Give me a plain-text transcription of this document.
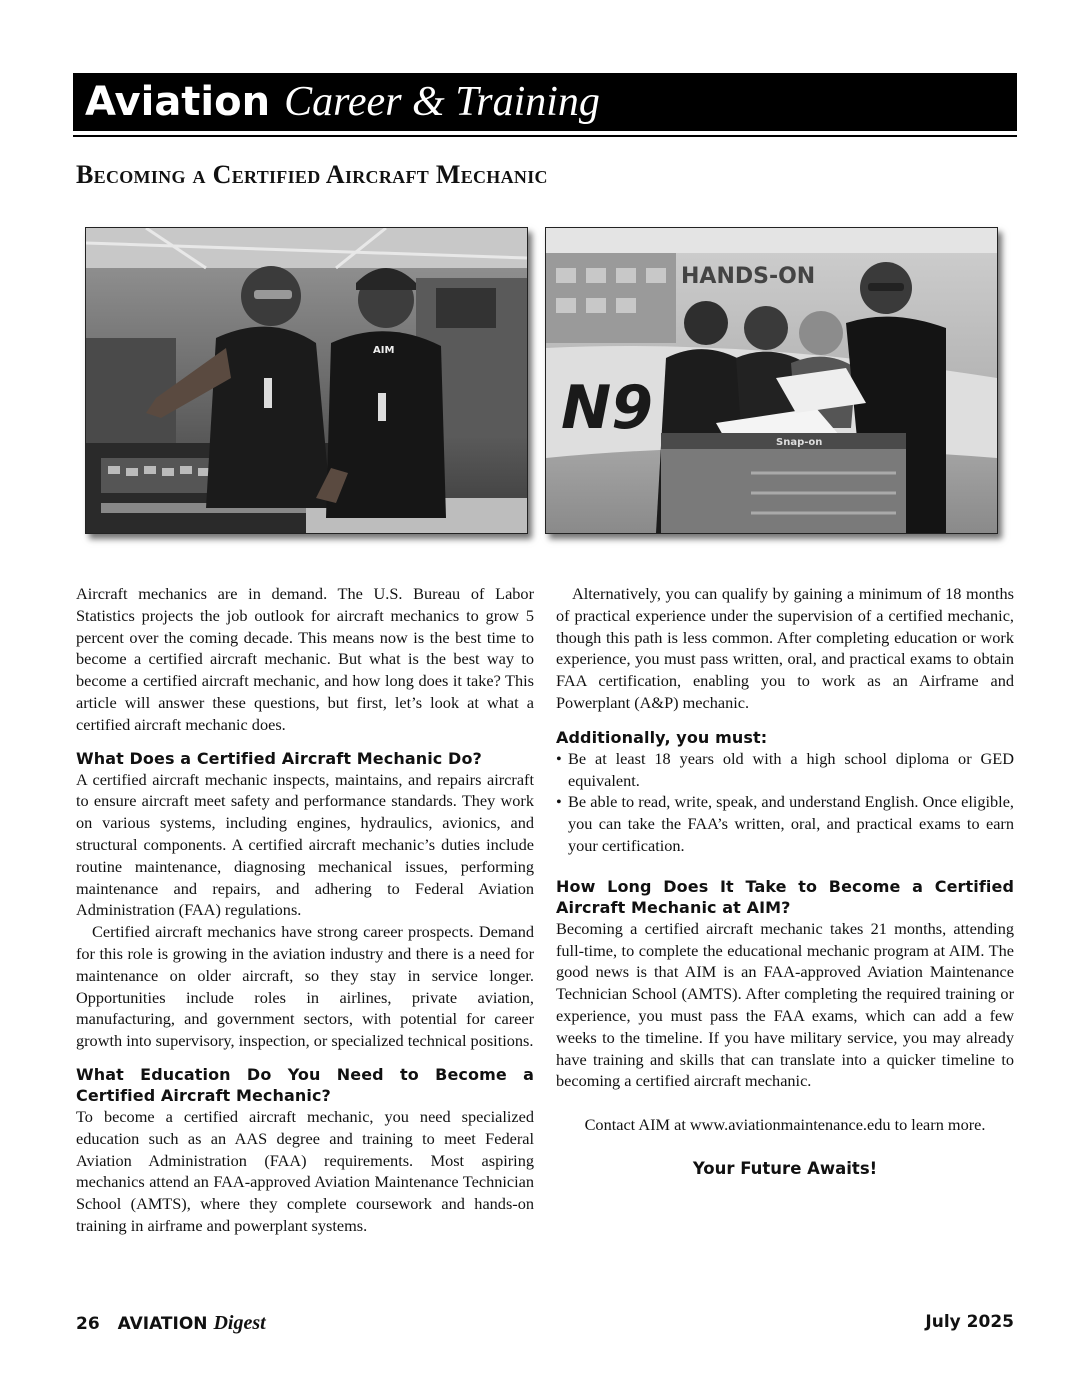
Aviation Career & Training
Becoming a Certified Aircraft Mechanic
AIM
HANDS-ON
N9	Snap-on

Aircraft mechanics are in demand. The U.S. Bureau of Labor Statistics projects the job outlook for aircraft mechanics to grow 5 percent over the coming decade. This means now is the best time to become a certified aircraft mechanic. But what is the best way to become a certified aircraft mechanic, and how long does it take? This article will answer these questions, but first, let’s look at what a certified aircraft mechanic does.

What Does a Certified Aircraft Mechanic Do?

A certified aircraft mechanic inspects, maintains, and repairs aircraft to ensure aircraft meet safety and performance standards. They work on various systems, including engines, hydraulics, avionics, and structural components. A certified aircraft mechanic’s duties include routine maintenance, diagnosing mechanical issues, performing maintenance and repairs, and adhering to Federal Aviation Administration (FAA) regulations.

Certified aircraft mechanics have strong career prospects. Demand for this role is growing in the aviation industry and there is a need for maintenance on older aircraft, so they stay in service longer. Opportunities include roles in airlines, private aviation, manufacturing, and government sectors, with potential for career growth into supervisory, inspection, or specialized technical positions.

What Education Do You Need to Become a Certified Aircraft Mechanic?

To become a certified aircraft mechanic, you need specialized education such as an AAS degree and training to meet Federal Aviation Administration (FAA) requirements. Most aspiring mechanics attend an FAA-approved Aviation Maintenance Technician School (AMTS), where they complete coursework and hands-on training in airframe and powerplant systems.

Alternatively, you can qualify by gaining a minimum of 18 months of practical experience under the supervision of a certified mechanic, though this path is less common. After completing education or work experience, you must pass written, oral, and practical exams to obtain FAA certification, enabling you to work as an Airframe and Powerplant (A&P) mechanic.

Additionally, you must:
• Be at least 18 years old with a high school diploma or GED equivalent.
• Be able to read, write, speak, and understand English. Once eligible, you can take the FAA’s written, oral, and practical exams to earn your certification.
How Long Does It Take to Become a Certified Aircraft Mechanic at AIM?

Becoming a certified aircraft mechanic takes 21 months, attending full-time, to complete the educational mechanic program at AIM. The good news is that AIM is an FAA-approved Aviation Maintenance Technician School (AMTS). After completing the required training or experience, you must pass the FAA exams, which can add a few weeks to the timeline. If you have military service, you may already have training and skills that can translate into a quicker timeline to becoming a certified aircraft mechanic.

Contact AIM at www.aviationmaintenance.edu to learn more.

Your Future Awaits!

26 AVIATION Digest	July 2025
